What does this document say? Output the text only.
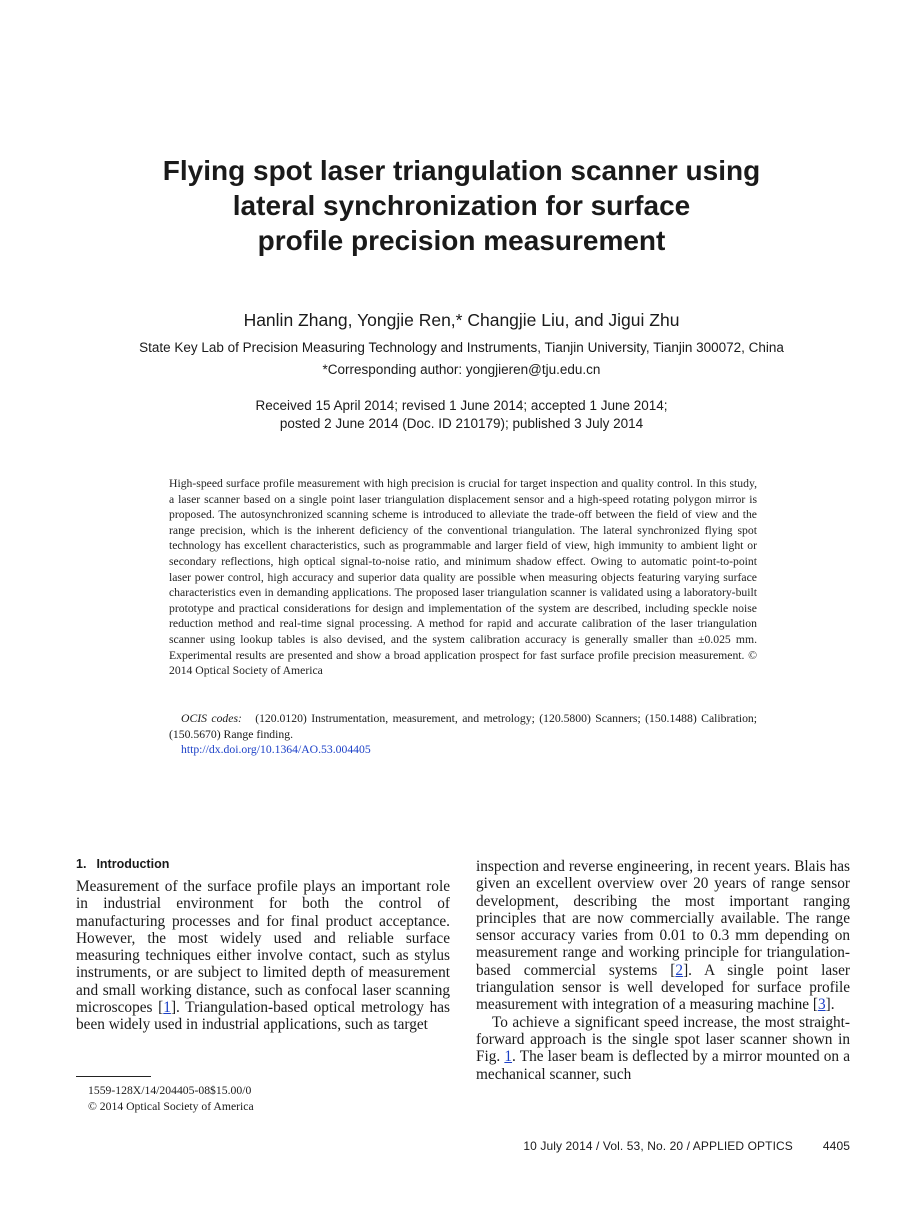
Flying spot laser triangulation scanner using
lateral synchronization for surface
profile precision measurement

Hanlin Zhang, Yongjie Ren,* Changjie Liu, and Jigui Zhu

State Key Lab of Precision Measuring Technology and Instruments, Tianjin University, Tianjin 300072, China

*Corresponding author: yongjieren@tju.edu.cn

Received 15 April 2014; revised 1 June 2014; accepted 1 June 2014;
posted 2 June 2014 (Doc. ID 210179); published 3 July 2014

High-speed surface profile measurement with high precision is crucial for target inspection and quality control. In this study, a laser scanner based on a single point laser triangulation displacement sensor and a high-speed rotating polygon mirror is proposed. The autosynchronized scanning scheme is introduced to alleviate the trade-off between the field of view and the range precision, which is the inherent deficiency of the conventional triangulation. The lateral synchronized flying spot technology has excellent characteristics, such as programmable and larger field of view, high immunity to ambient light or secondary reflections, high optical signal-to-noise ratio, and minimum shadow effect. Owing to automatic point-to-point laser power control, high accuracy and superior data quality are possible when measuring objects featuring varying surface characteristics even in demanding applications. The proposed laser triangulation scanner is validated using a laboratory-built prototype and practical considerations for design and implementation of the system are described, including speckle noise reduction method and real-time signal processing. A method for rapid and accurate calibration of the laser triangulation scanner using lookup tables is also devised, and the system calibration accuracy is generally smaller than ±0.025 mm. Experimental results are presented and show a broad application prospect for fast surface profile precision measurement. © 2014 Optical Society of America

OCIS codes: (120.0120) Instrumentation, measurement, and metrology; (120.5800) Scanners; (150.1488) Calibration; (150.5670) Range finding.

http://dx.doi.org/10.1364/AO.53.004405
1. Introduction

Measurement of the surface profile plays an important role in industrial environment for both the control of manufacturing processes and for final product acceptance. However, the most widely used and reliable surface measuring techniques either involve contact, such as stylus instruments, or are subject to limited depth of measurement and small working distance, such as confocal laser scanning microscopes [1]. Triangulation-based optical metrology has been widely used in industrial applications, such as target

inspection and reverse engineering, in recent years. Blais has given an excellent overview over 20 years of range sensor development, describing the most important ranging principles that are now commercially available. The range sensor accuracy varies from 0.01 to 0.3 mm depending on measurement range and working principle for triangulation-based commercial systems [2]. A single point laser triangulation sensor is well developed for surface profile measurement with integration of a measuring machine [3].

To achieve a significant speed increase, the most straight-forward approach is the single spot laser scanner shown in Fig. 1. The laser beam is deflected by a mirror mounted on a mechanical scanner, such

1559-128X/14/204405-08$15.00/0
© 2014 Optical Society of America

10 July 2014 / Vol. 53, No. 20 / APPLIED OPTICS	4405
